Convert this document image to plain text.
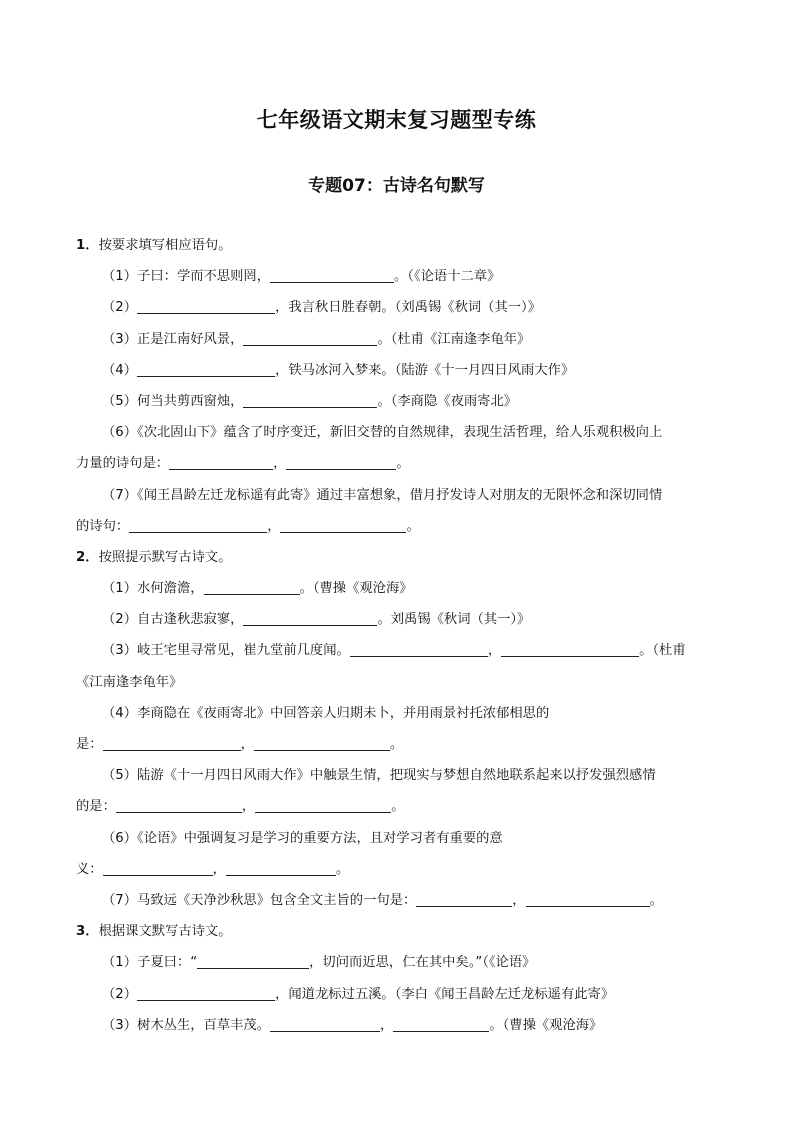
七年级语文期末复习题型专练
专题07：古诗名句默写
1．按要求填写相应语句。
（1）子曰：学而不思则罔，	。（《论语十二章》
（2）	，我言秋日胜春朝。（刘禹锡《秋词（其一）》
（3）正是江南好风景，	。（杜甫《江南逢李龟年》
（4）	，铁马冰河入梦来。（陆游《十一月四日风雨大作》
（5）何当共剪西窗烛，	。（李商隐《夜雨寄北》
（6）《次北固山下》蕴含了时序变迁，新旧交替的自然规律，表现生活哲理，给人乐观积极向上
力量的诗句是：	，	。
（7）《闻王昌龄左迁龙标遥有此寄》通过丰富想象，借月抒发诗人对朋友的无限怀念和深切同情
的诗句：	，	。
2．按照提示默写古诗文。
（1）水何澹澹，	。（曹操《观沧海》
（2）自古逢秋悲寂寥，	。刘禹锡《秋词（其一）》
（3）岐王宅里寻常见，崔九堂前几度闻。	，	。（杜甫
《江南逢李龟年》
（4）李商隐在《夜雨寄北》中回答亲人归期未卜，并用雨景衬托浓郁相思的
是：	，	。
（5）陆游《十一月四日风雨大作》中触景生情，把现实与梦想自然地联系起来以抒发强烈感情
的是：	，	。
（6）《论语》中强调复习是学习的重要方法，且对学习者有重要的意
义：	，	。
（7）马致远《天净沙秋思》包含全文主旨的一句是：	，	。
3．根据课文默写古诗文。
（1）子夏曰：“	，切问而近思，仁在其中矣。”（《论语》
（2）	，闻道龙标过五溪。（李白《闻王昌龄左迁龙标遥有此寄》
（3）树木丛生，百草丰茂。	，	。（曹操《观沧海》
